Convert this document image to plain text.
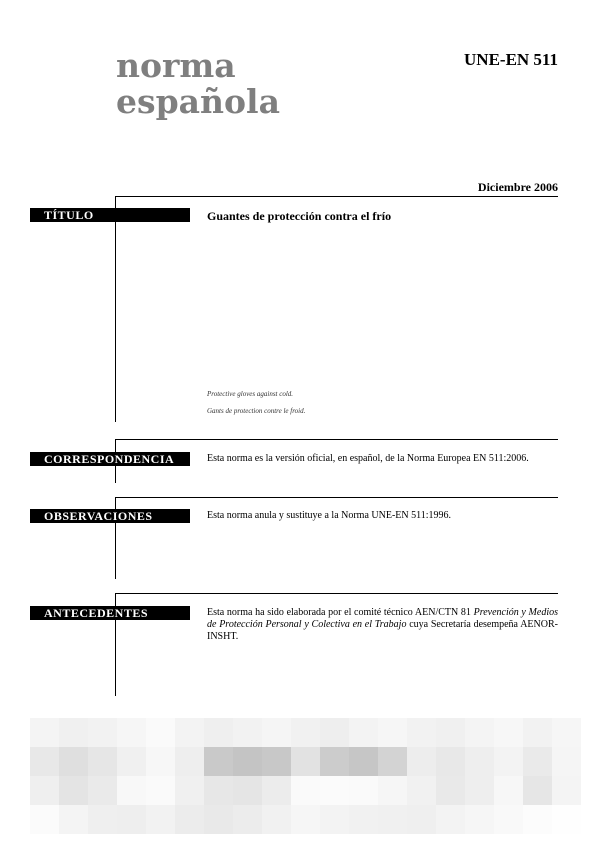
norma
española
UNE-EN 511
Diciembre 2006
TÍTULO	Guantes de protección contra el frío
Protective gloves against cold.
Gants de protection contre le froid.
CORRESPONDENCIA	Esta norma es la versión oficial, en español, de la Norma Europea EN 511:2006.
OBSERVACIONES	Esta norma anula y sustituye a la Norma UNE-EN 511:1996.
ANTECEDENTES	Esta norma ha sido elaborada por el comité técnico AEN/CTN 81 Prevención y Medios de Protección Personal y Colectiva en el Trabajo cuya Secretaría desempeña AENOR-INSHT.
